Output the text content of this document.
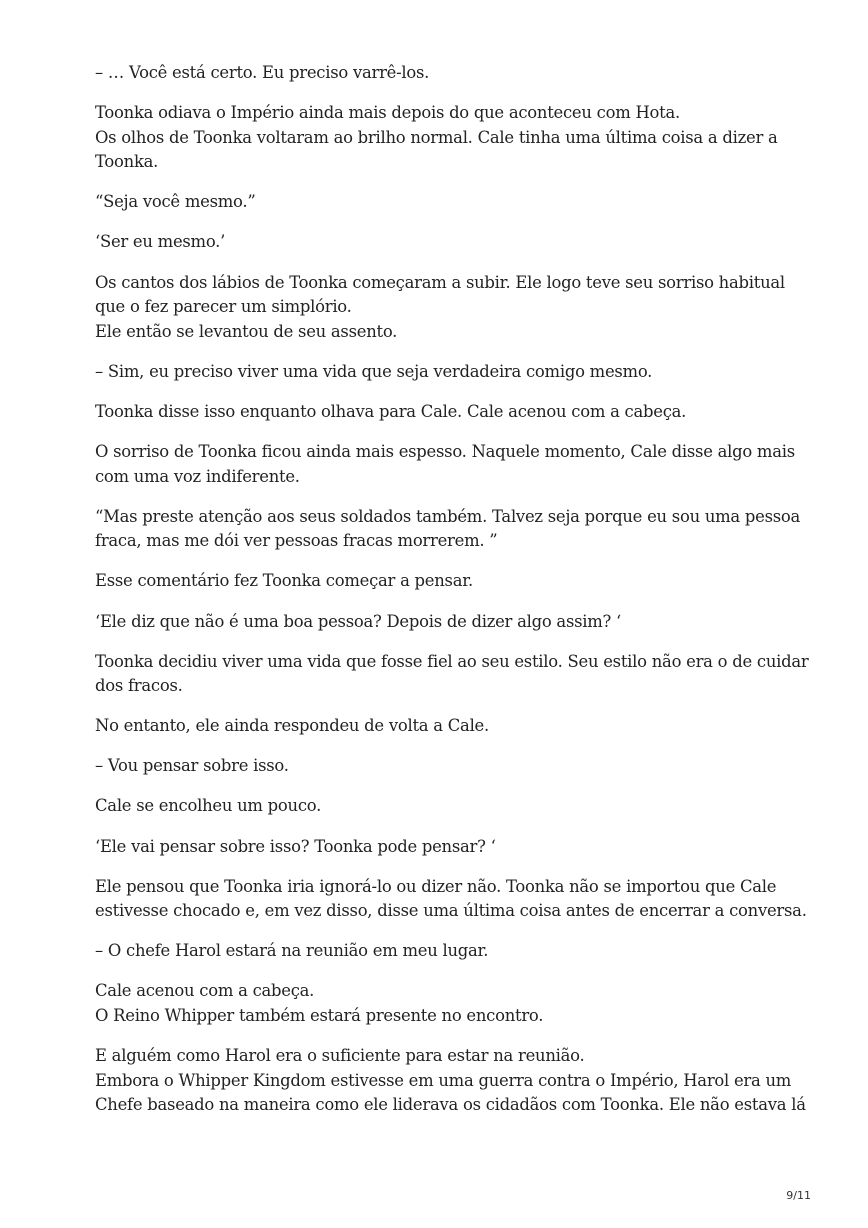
– … Você está certo. Eu preciso varrê-los.

Toonka odiava o Império ainda mais depois do que aconteceu com Hota.
Os olhos de Toonka voltaram ao brilho normal. Cale tinha uma última coisa a dizer a
Toonka.

“Seja você mesmo.”

‘Ser eu mesmo.’

Os cantos dos lábios de Toonka começaram a subir. Ele logo teve seu sorriso habitual
que o fez parecer um simplório.
Ele então se levantou de seu assento.

– Sim, eu preciso viver uma vida que seja verdadeira comigo mesmo.

Toonka disse isso enquanto olhava para Cale. Cale acenou com a cabeça.

O sorriso de Toonka ficou ainda mais espesso. Naquele momento, Cale disse algo mais
com uma voz indiferente.

“Mas preste atenção aos seus soldados também. Talvez seja porque eu sou uma pessoa
fraca, mas me dói ver pessoas fracas morrerem. ”

Esse comentário fez Toonka começar a pensar.

‘Ele diz que não é uma boa pessoa? Depois de dizer algo assim? ‘

Toonka decidiu viver uma vida que fosse fiel ao seu estilo. Seu estilo não era o de cuidar
dos fracos.

No entanto, ele ainda respondeu de volta a Cale.

– Vou pensar sobre isso.

Cale se encolheu um pouco.

‘Ele vai pensar sobre isso? Toonka pode pensar? ‘

Ele pensou que Toonka iria ignorá-lo ou dizer não. Toonka não se importou que Cale
estivesse chocado e, em vez disso, disse uma última coisa antes de encerrar a conversa.

– O chefe Harol estará na reunião em meu lugar.

Cale acenou com a cabeça.
O Reino Whipper também estará presente no encontro.

E alguém como Harol era o suficiente para estar na reunião.
Embora o Whipper Kingdom estivesse em uma guerra contra o Império, Harol era um
Chefe baseado na maneira como ele liderava os cidadãos com Toonka. Ele não estava lá

9/11
